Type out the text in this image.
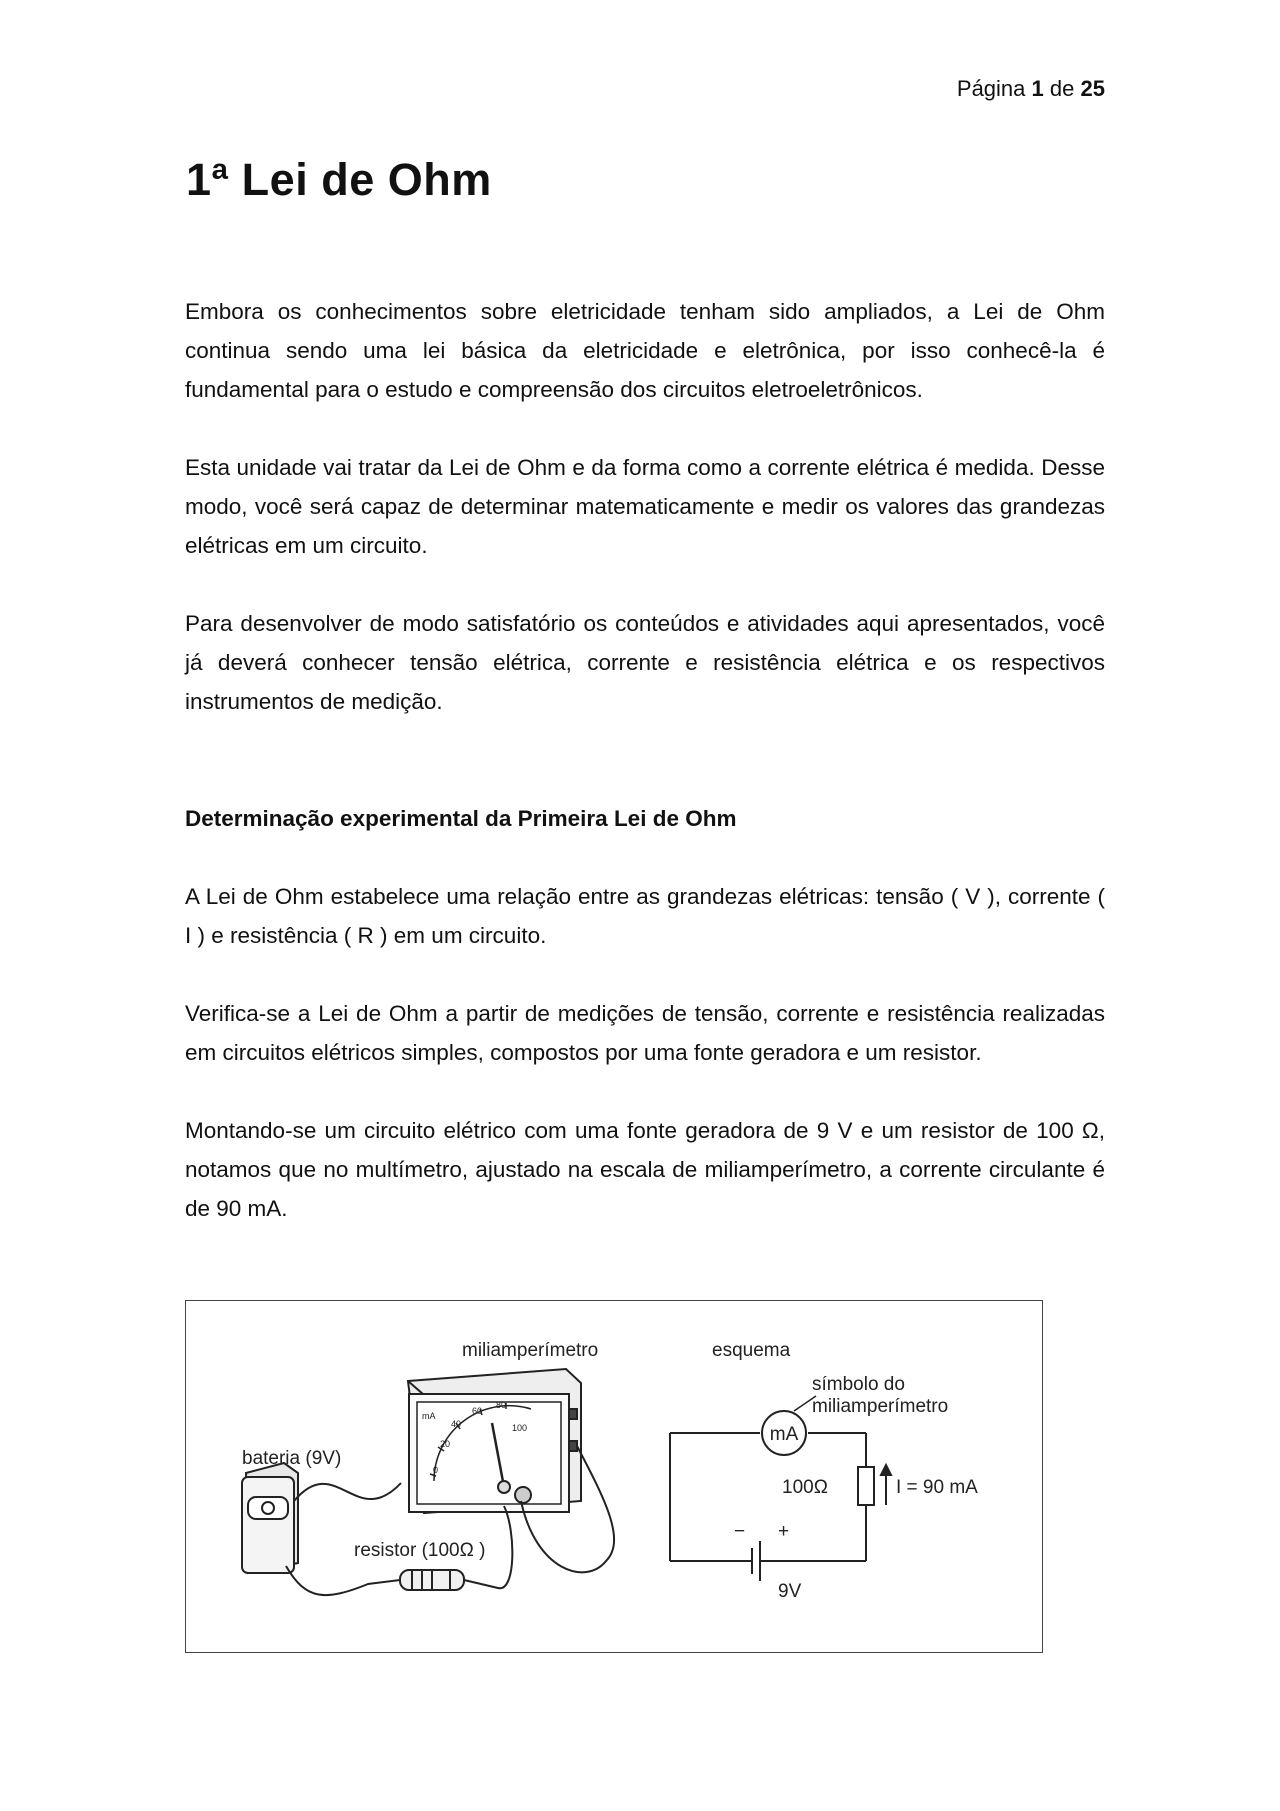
Página 1 de 25
1ª Lei de Ohm

Embora os conhecimentos sobre eletricidade tenham sido ampliados, a Lei de Ohm continua sendo uma lei básica da eletricidade e eletrônica, por isso conhecê-la é fundamental para o estudo e compreensão dos circuitos eletroeletrônicos.

Esta unidade vai tratar da Lei de Ohm e da forma como a corrente elétrica é medida. Desse modo, você será capaz de determinar matematicamente e medir os valores das grandezas elétricas em um circuito.

Para desenvolver de modo satisfatório os conteúdos e atividades aqui apresentados, você já deverá conhecer tensão elétrica, corrente e resistência elétrica e os respectivos instrumentos de medição.

Determinação experimental da Primeira Lei de Ohm

A Lei de Ohm estabelece uma relação entre as grandezas elétricas: tensão ( V ), corrente ( I ) e resistência ( R ) em um circuito.

Verifica-se a Lei de Ohm a partir de medições de tensão, corrente e resistência realizadas em circuitos elétricos simples, compostos por uma fonte geradora e um resistor.

Montando-se um circuito elétrico com uma fonte geradora de 9 V e um resistor de 100 Ω, notamos que no multímetro, ajustado na escala de miliamperímetro, a corrente circulante é de 90 mA.

mA
0
20
40
60
80
100
miliamperímetro
bateria (9V)
resistor (100Ω )
esquema
símbolo do
miliamperímetro
mA
100Ω	I = 90 mA
− +
9V
